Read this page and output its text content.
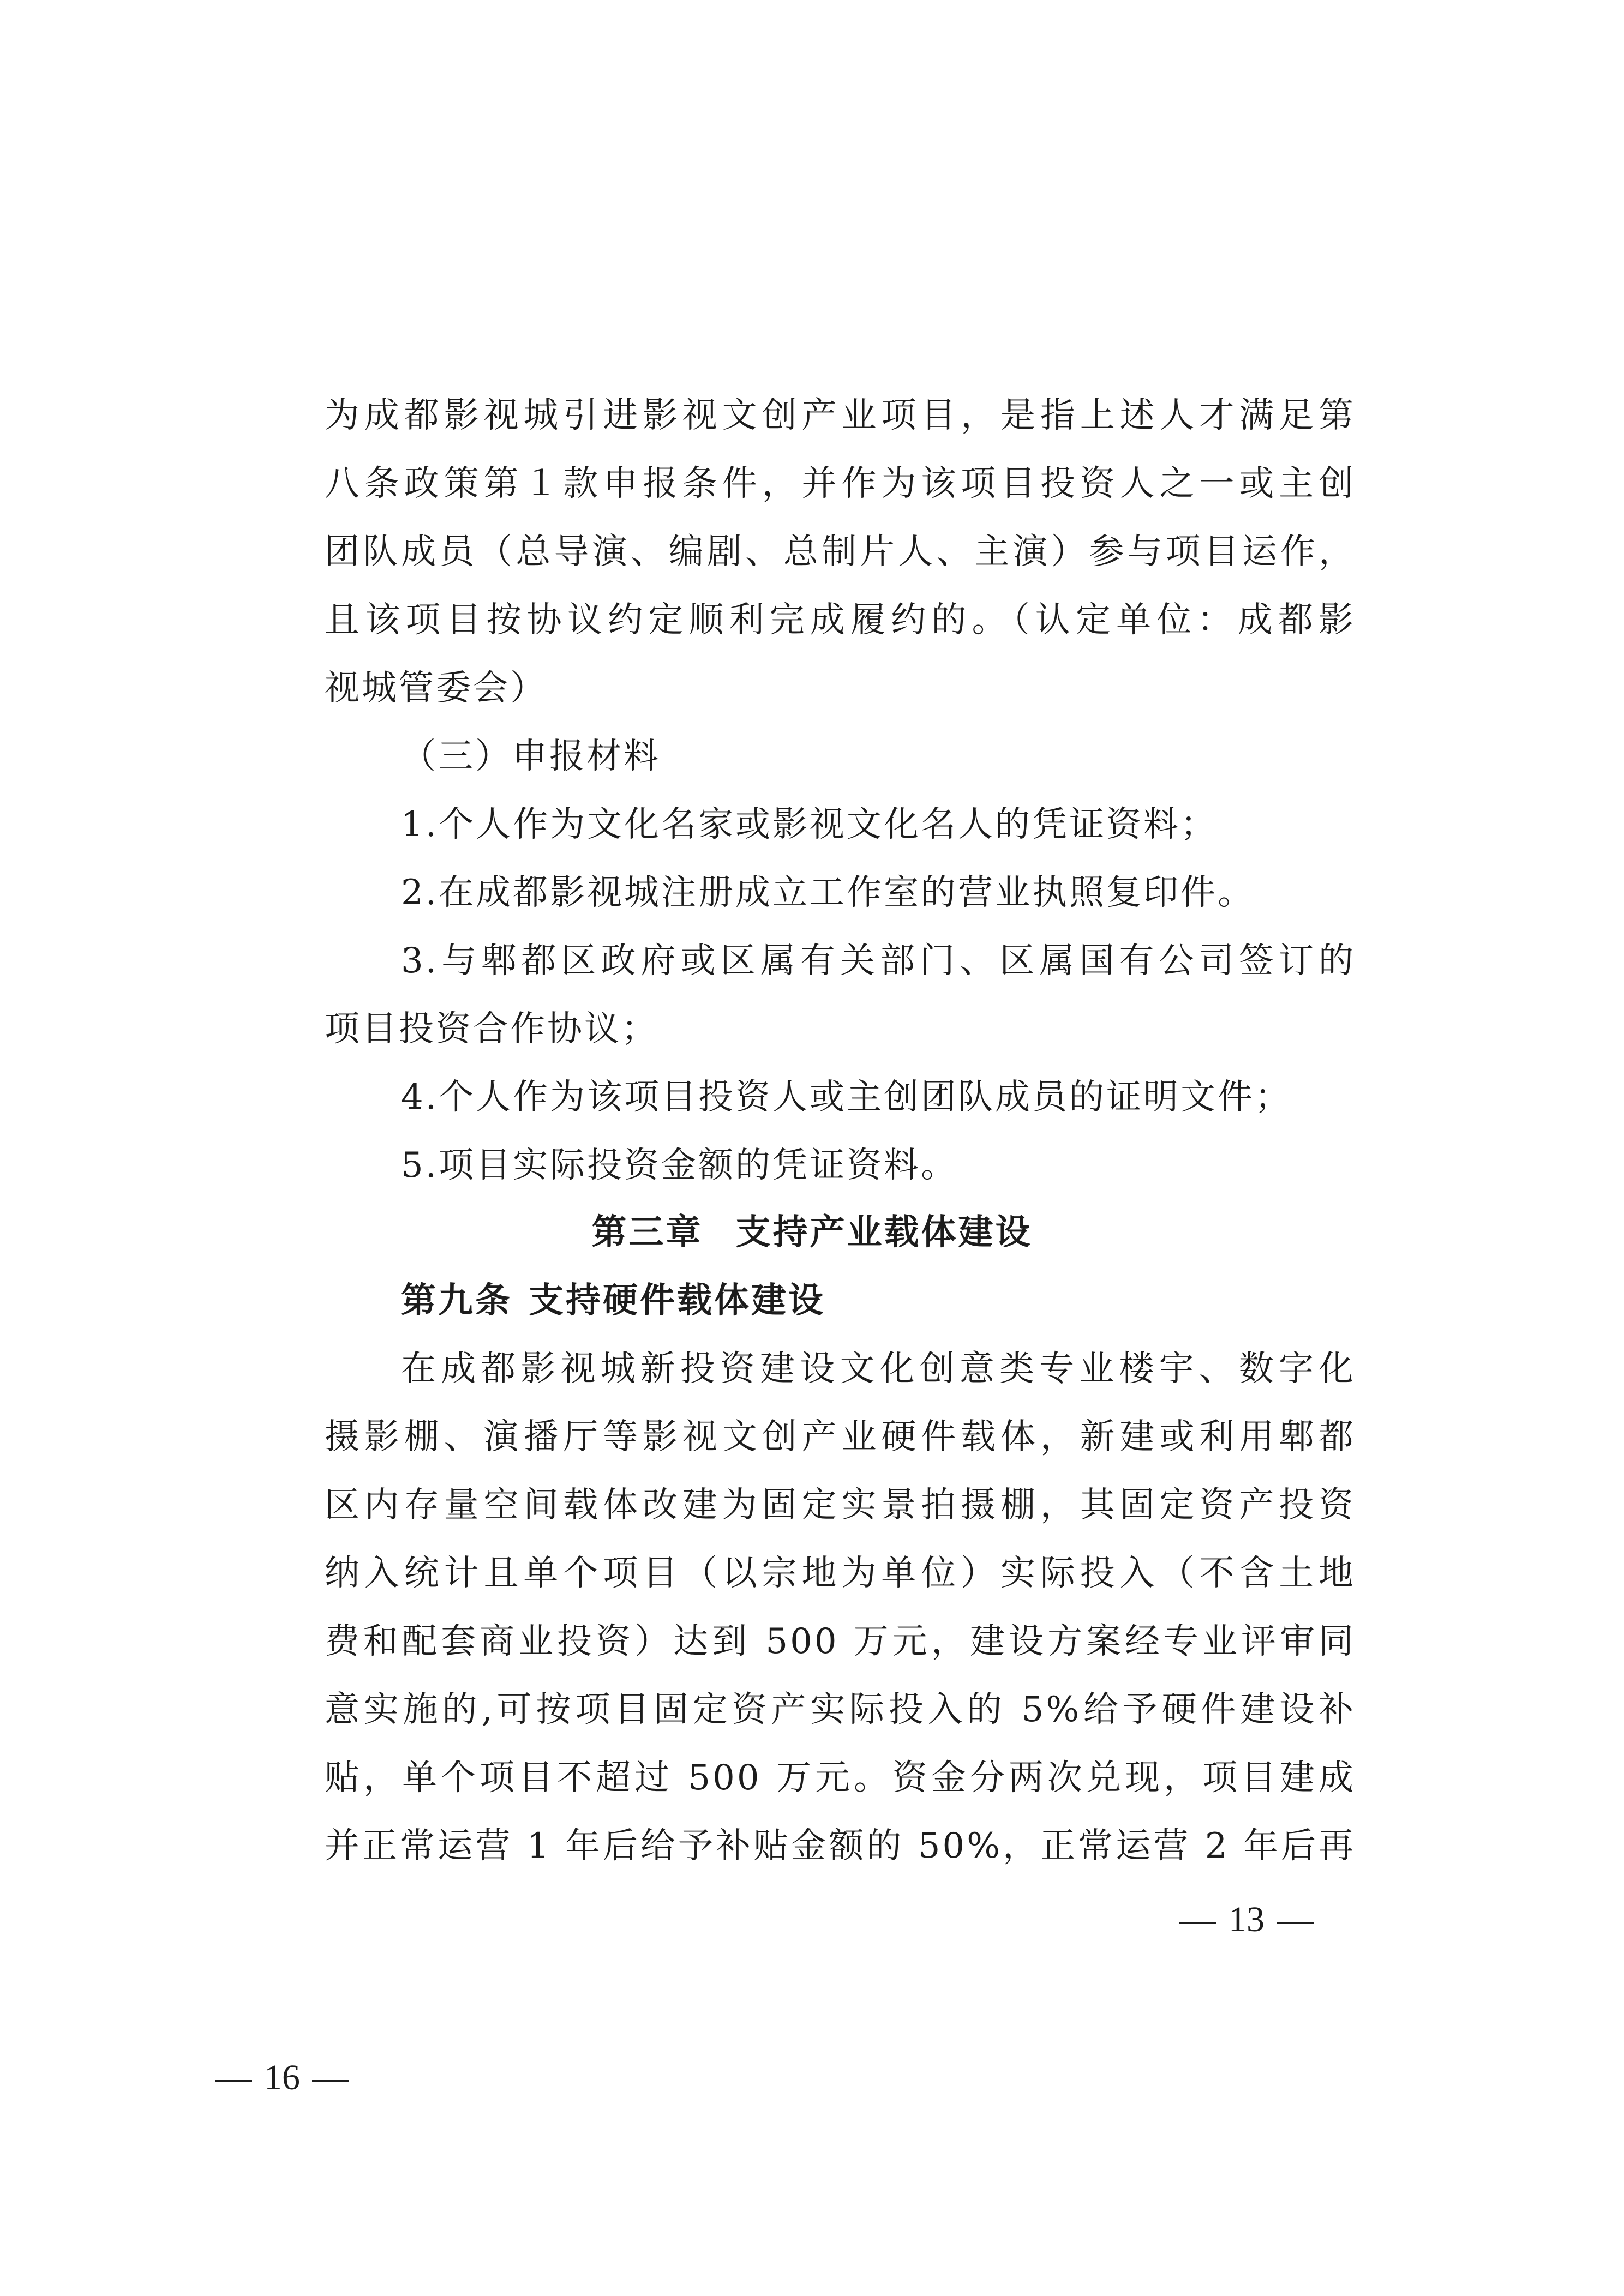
为成都影视城引进影视文创产业项目，是指上述人才满足第
八条政策第１款申报条件，并作为该项目投资人之一或主创
团队成员（总导演、编剧、总制片人、主演）参与项目运作，
且该项目按协议约定顺利完成履约的。（认定单位：成都影
视城管委会）
（三）申报材料
1.个人作为文化名家或影视文化名人的凭证资料；
2.在成都影视城注册成立工作室的营业执照复印件。
3.与郫都区政府或区属有关部门、区属国有公司签订的
项目投资合作协议；
4.个人作为该项目投资人或主创团队成员的证明文件；
5.项目实际投资金额的凭证资料。
第三章 支持产业载体建设
第九条 支持硬件载体建设
在成都影视城新投资建设文化创意类专业楼宇、数字化
摄影棚、演播厅等影视文创产业硬件载体，新建或利用郫都
区内存量空间载体改建为固定实景拍摄棚，其固定资产投资
纳入统计且单个项目（以宗地为单位）实际投入（不含土地
费和配套商业投资）达到 500 万元，建设方案经专业评审同
意实施的,可按项目固定资产实际投入的 5%给予硬件建设补
贴，单个项目不超过 500 万元。资金分两次兑现，项目建成
并正常运营 1 年后给予补贴金额的 50%，正常运营 2 年后再
13
16
